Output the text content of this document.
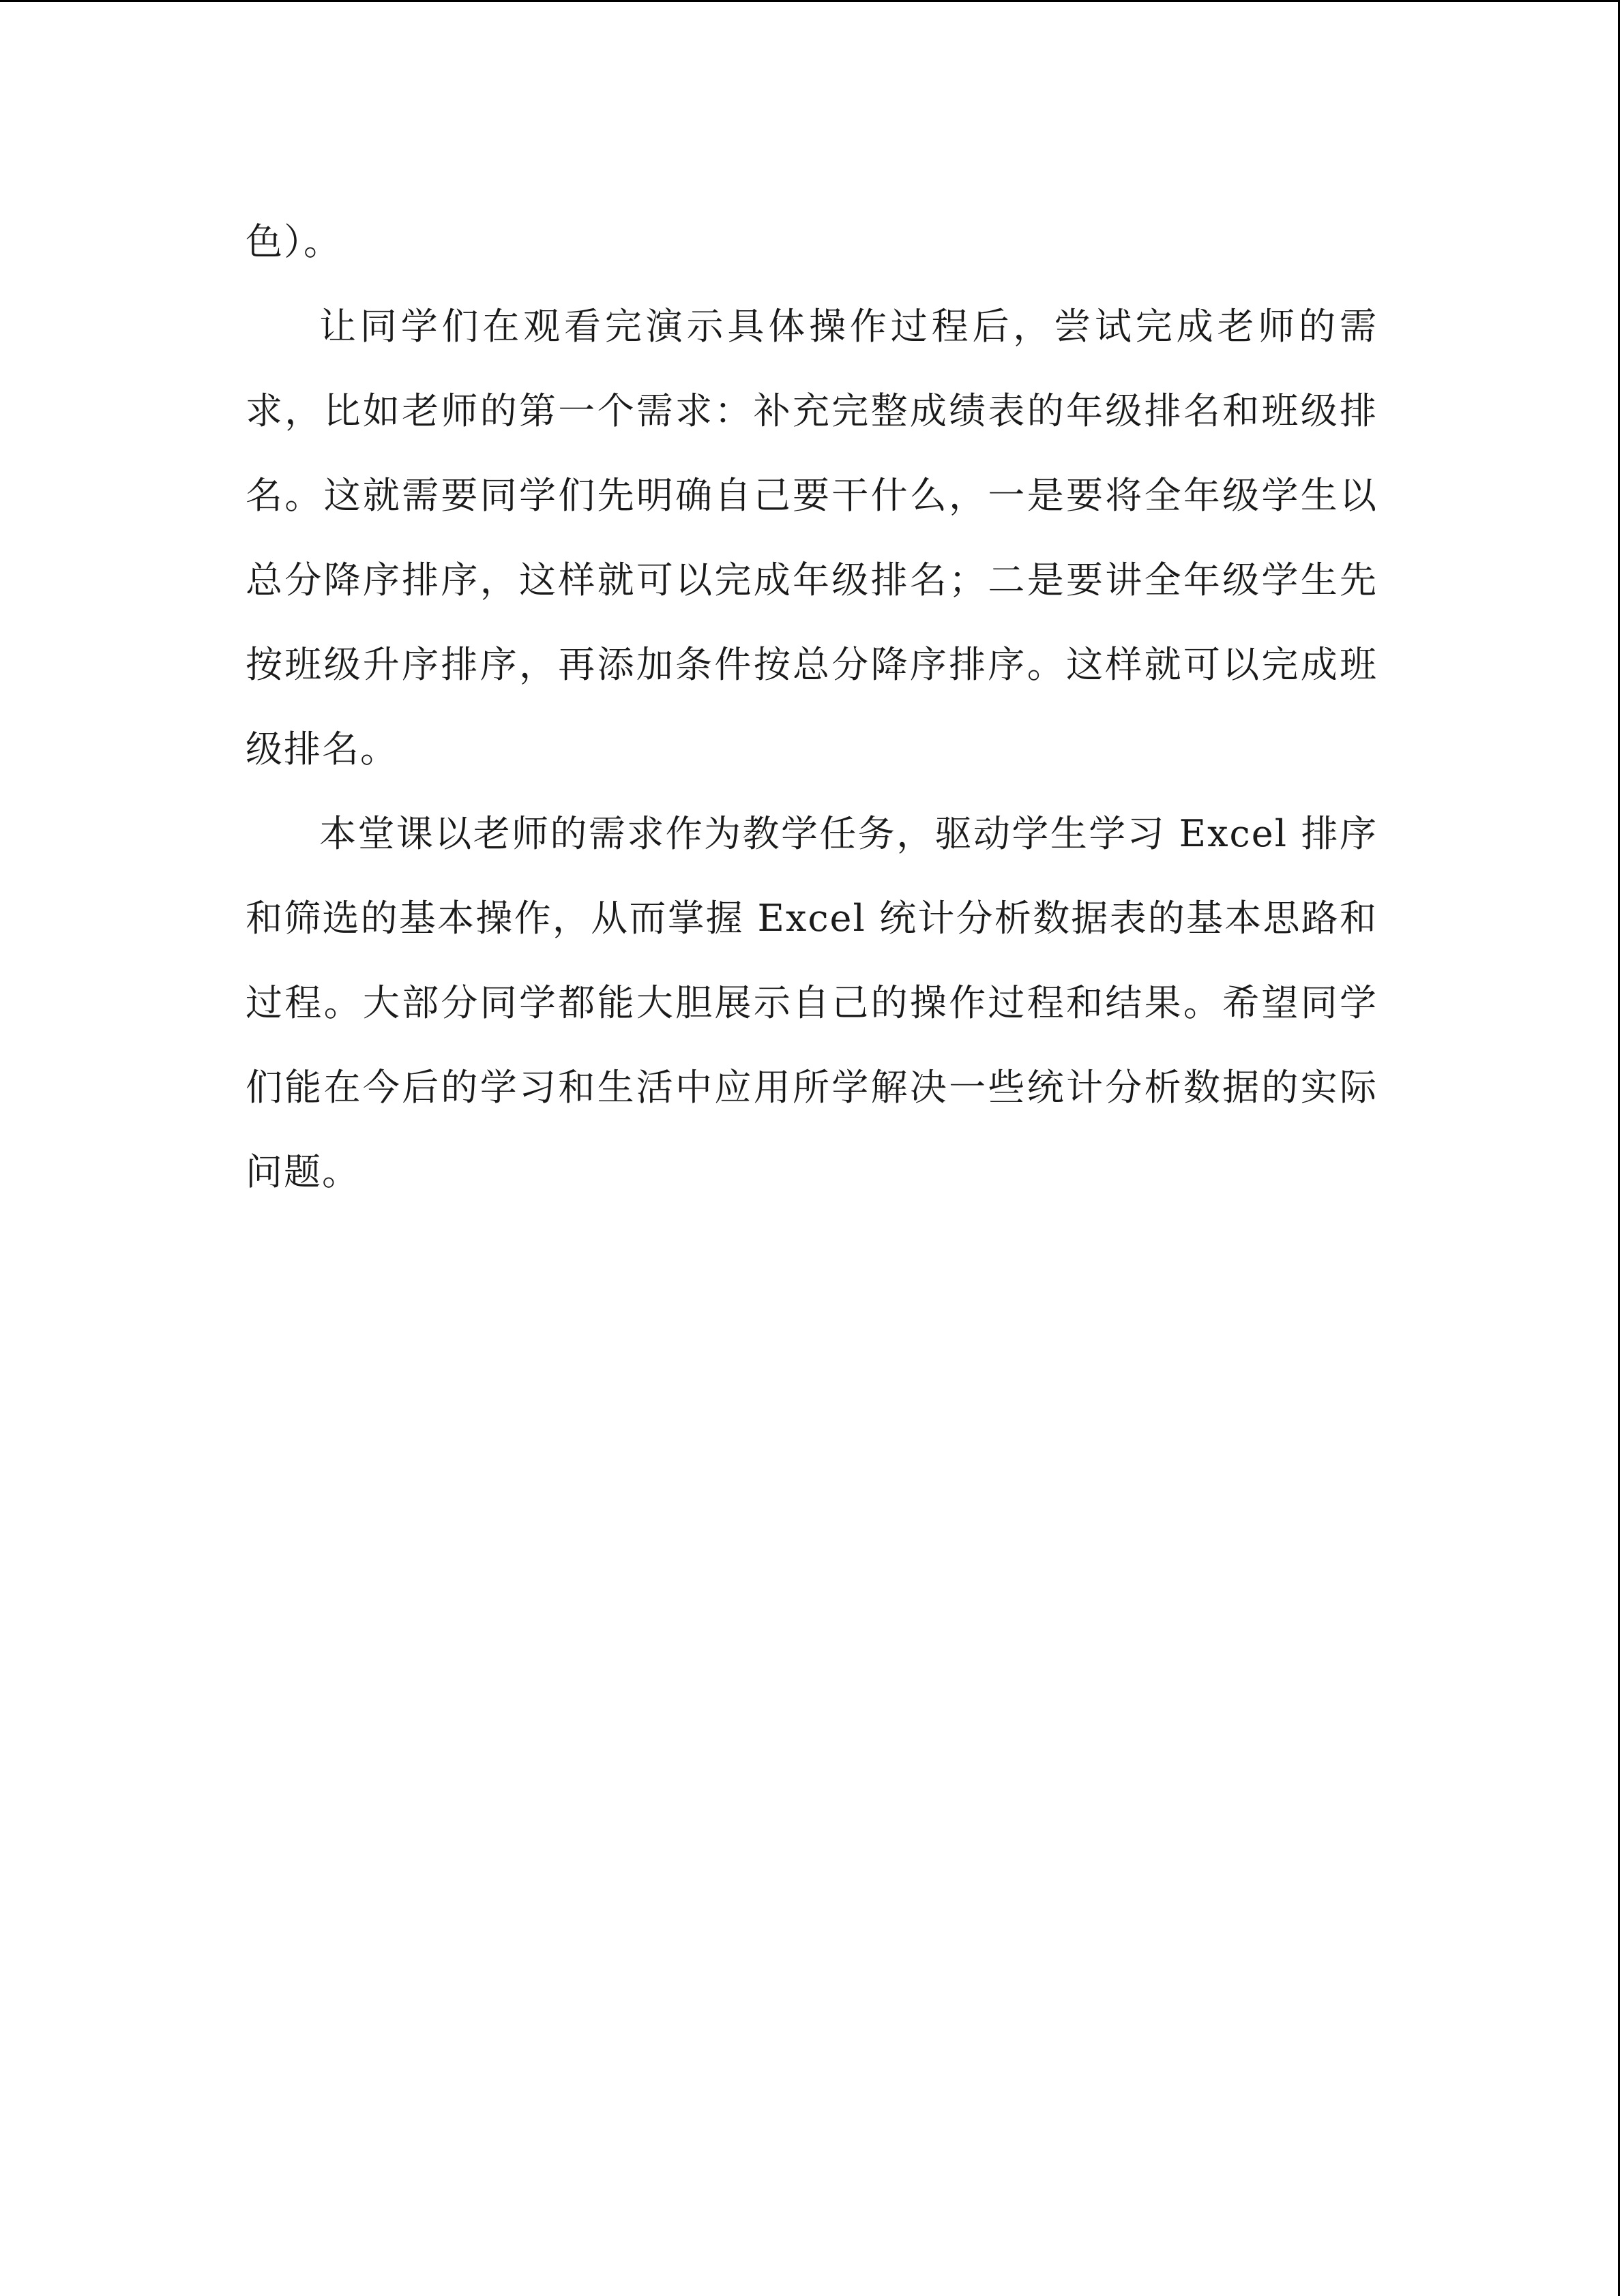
色）。

让同学们在观看完演示具体操作过程后，尝试完成老师的需求，比如老师的第一个需求：补充完整成绩表的年级排名和班级排名。这就需要同学们先明确自己要干什么，一是要将全年级学生以总分降序排序，这样就可以完成年级排名；二是要讲全年级学生先按班级升序排序，再添加条件按总分降序排序。这样就可以完成班级排名。

本堂课以老师的需求作为教学任务，驱动学生学习 Excel 排序和筛选的基本操作，从而掌握 Excel 统计分析数据表的基本思路和过程。大部分同学都能大胆展示自己的操作过程和结果。希望同学们能在今后的学习和生活中应用所学解决一些统计分析数据的实际问题。
